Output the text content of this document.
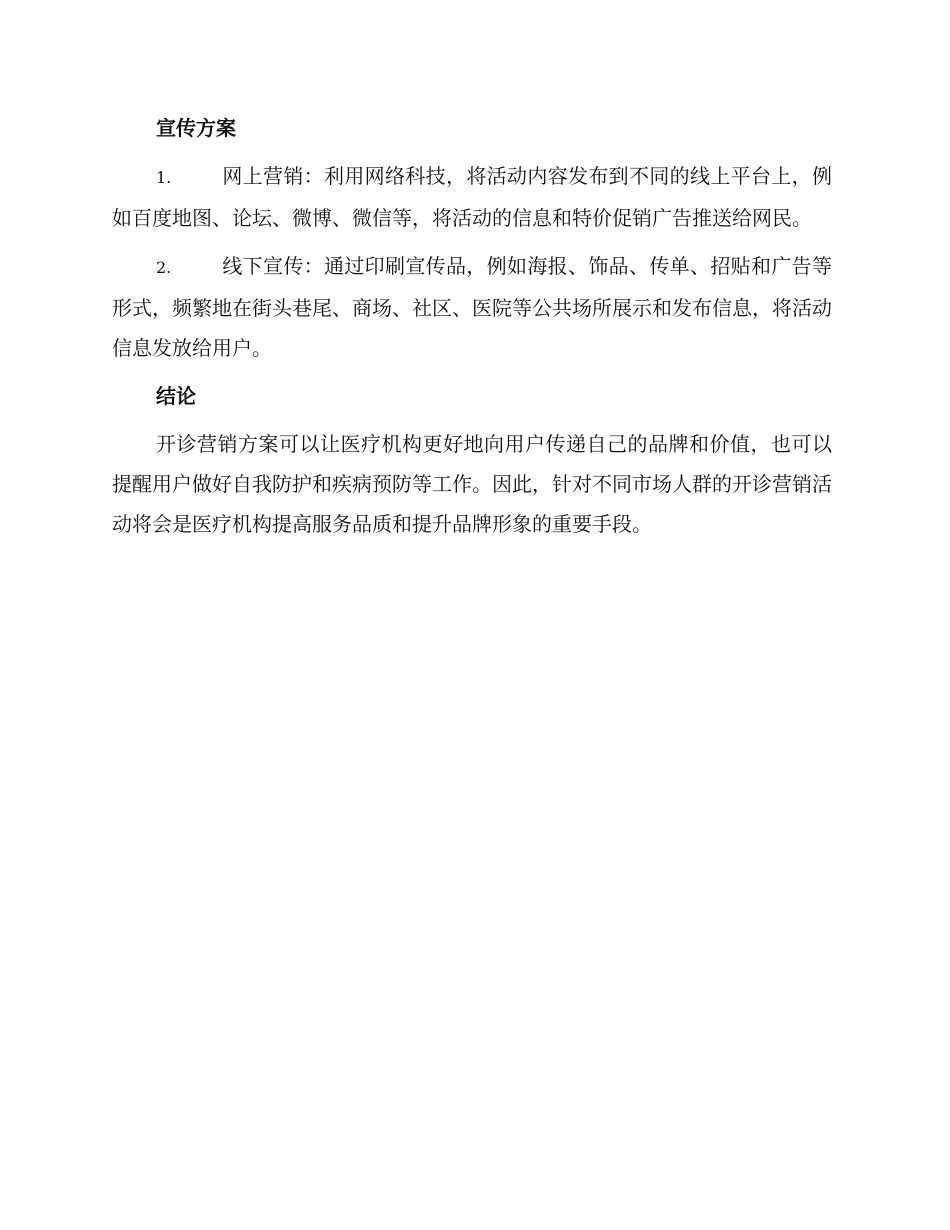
宣传方案
1.	网上营销：利用网络科技，将活动内容发布到不同的线上平台上，例如百度地图、论坛、微博、微信等，将活动的信息和特价促销广告推送给网民。
2.	线下宣传：通过印刷宣传品，例如海报、饰品、传单、招贴和广告等形式，频繁地在街头巷尾、商场、社区、医院等公共场所展示和发布信息，将活动信息发放给用户。
结论
开诊营销方案可以让医疗机构更好地向用户传递自己的品牌和价值，也可以提醒用户做好自我防护和疾病预防等工作。因此，针对不同市场人群的开诊营销活动将会是医疗机构提高服务品质和提升品牌形象的重要手段。
